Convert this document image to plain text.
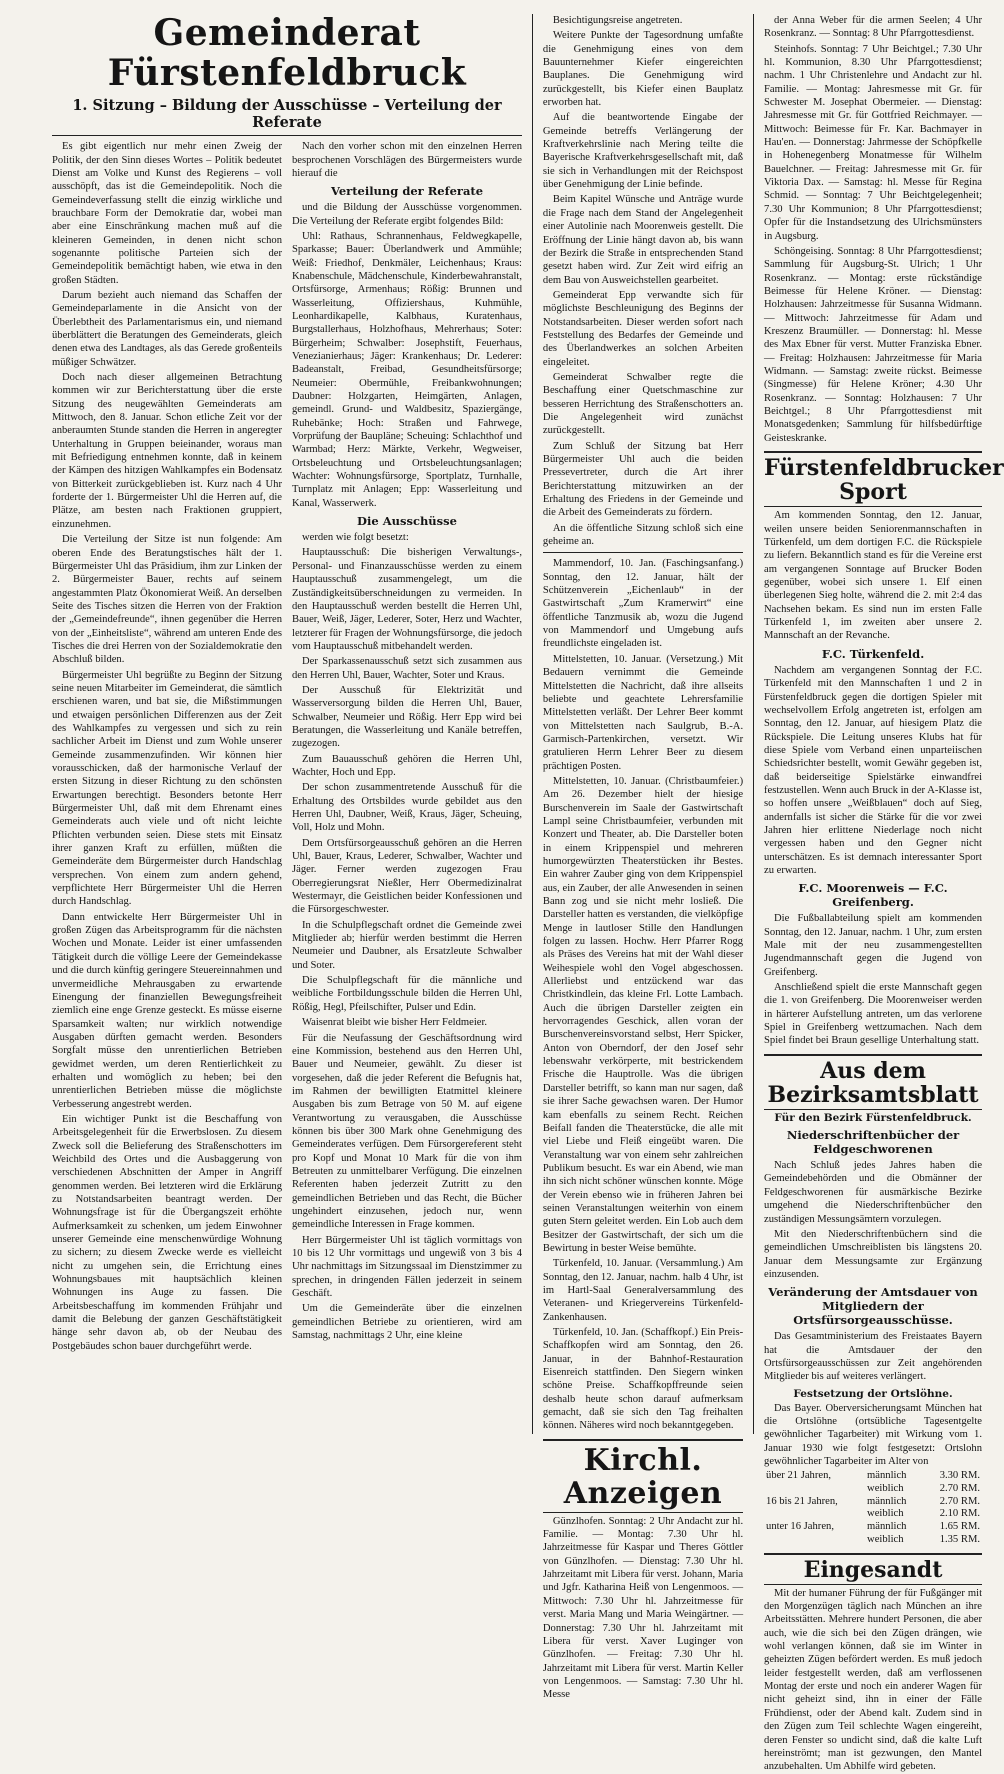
Gemeinderat Fürstenfeldbruck
1. Sitzung – Bildung der Ausschüsse – Verteilung der Referate

Es gibt eigentlich nur mehr einen Zweig der Politik, der den Sinn dieses Wortes – Politik bedeutet Dienst am Volke und Kunst des Regierens – voll ausschöpft, das ist die Gemeindepolitik. Noch die Gemeindeverfassung stellt die einzig wirkliche und brauchbare Form der Demokratie dar, wobei man aber eine Einschränkung machen muß auf die kleineren Gemeinden, in denen nicht schon sogenannte politische Parteien sich der Gemeindepolitik bemächtigt haben, wie etwa in den großen Städten.

Darum bezieht auch niemand das Schaffen der Gemeindeparlamente in die Ansicht von der Überlebtheit des Parlamentarismus ein, und niemand überblättert die Beratungen des Gemeinderats, gleich denen etwa des Landtages, als das Gerede großenteils müßiger Schwätzer.

Doch nach dieser allgemeinen Betrachtung kommen wir zur Berichterstattung über die erste Sitzung des neugewählten Gemeinderats am Mittwoch, den 8. Januar. Schon etliche Zeit vor der anberaumten Stunde standen die Herren in angeregter Unterhaltung in Gruppen beieinander, woraus man mit Befriedigung entnehmen konnte, daß in keinem der Kämpen des hitzigen Wahlkampfes ein Bodensatz von Bitterkeit zurückgeblieben ist. Kurz nach 4 Uhr forderte der 1. Bürgermeister Uhl die Herren auf, die Plätze, am besten nach Fraktionen gruppiert, einzunehmen.

Die Verteilung der Sitze ist nun folgende: Am oberen Ende des Beratungstisches hält der 1. Bürgermeister Uhl das Präsidium, ihm zur Linken der 2. Bürgermeister Bauer, rechts auf seinem angestammten Platz Ökonomierat Weiß. An derselben Seite des Tisches sitzen die Herren von der Fraktion der „Gemeindefreunde“, ihnen gegenüber die Herren von der „Einheitsliste“, während am unteren Ende des Tisches die drei Herren von der Sozialdemokratie den Abschluß bilden.

Bürgermeister Uhl begrüßte zu Beginn der Sitzung seine neuen Mitarbeiter im Gemeinderat, die sämtlich erschienen waren, und bat sie, die Mißstimmungen und etwaigen persönlichen Differenzen aus der Zeit des Wahlkampfes zu vergessen und sich zu rein sachlicher Arbeit im Dienst und zum Wohle unserer Gemeinde zusammenzufinden. Wir können hier vorausschicken, daß der harmonische Verlauf der ersten Sitzung in dieser Richtung zu den schönsten Erwartungen berechtigt. Besonders betonte Herr Bürgermeister Uhl, daß mit dem Ehrenamt eines Gemeinderats auch viele und oft nicht leichte Pflichten verbunden seien. Diese stets mit Einsatz ihrer ganzen Kraft zu erfüllen, müßten die Gemeinderäte dem Bürgermeister durch Handschlag versprechen. Von einem zum andern gehend, verpflichtete Herr Bürgermeister Uhl die Herren durch Handschlag.

Dann entwickelte Herr Bürgermeister Uhl in großen Zügen das Arbeitsprogramm für die nächsten Wochen und Monate. Leider ist einer umfassenden Tätigkeit durch die völlige Leere der Gemeindekasse und die durch künftig geringere Steuereinnahmen und unvermeidliche Mehrausgaben zu erwartende Einengung der finanziellen Bewegungsfreiheit ziemlich eine enge Grenze gesteckt. Es müsse eiserne Sparsamkeit walten; nur wirklich notwendige Ausgaben dürften gemacht werden. Besonders Sorgfalt müsse den unrentierlichen Betrieben gewidmet werden, um deren Rentierlichkeit zu erhalten und womöglich zu heben; bei den unrentierlichen Betrieben müsse die möglichste Verbesserung angestrebt werden.

Ein wichtiger Punkt ist die Beschaffung von Arbeitsgelegenheit für die Erwerbslosen. Zu diesem Zweck soll die Belieferung des Straßenschotters im Weichbild des Ortes und die Ausbaggerung von verschiedenen Abschnitten der Amper in Angriff genommen werden. Bei letzteren wird die Erklärung zu Notstandsarbeiten beantragt werden. Der Wohnungsfrage ist für die Übergangszeit erhöhte Aufmerksamkeit zu schenken, um jedem Einwohner unserer Gemeinde eine menschenwürdige Wohnung zu sichern; zu diesem Zwecke werde es vielleicht nicht zu umgehen sein, die Errichtung eines Wohnungsbaues mit hauptsächlich kleinen Wohnungen ins Auge zu fassen. Die Arbeitsbeschaffung im kommenden Frühjahr und damit die Belebung der ganzen Geschäftstätigkeit hänge sehr davon ab, ob der Neubau des Postgebäudes schon bauer durchgeführt werde.

Nach den vorher schon mit den einzelnen Herren besprochenen Vorschlägen des Bürgermeisters wurde hierauf die

Verteilung der Referate

und die Bildung der Ausschüsse vorgenommen. Die Verteilung der Referate ergibt folgendes Bild:

Uhl: Rathaus, Schrannenhaus, Feldwegkapelle, Sparkasse; Bauer: Überlandwerk und Ammühle; Weiß: Friedhof, Denkmäler, Leichenhaus; Kraus: Knabenschule, Mädchenschule, Kinderbewahranstalt, Ortsfürsorge, Armenhaus; Rößig: Brunnen und Wasserleitung, Offiziershaus, Kuhmühle, Leonhardikapelle, Kalbhaus, Kuratenhaus, Burgstallerhaus, Holzhofhaus, Mehrerhaus; Soter: Bürgerheim; Schwalber: Josephstift, Feuerhaus, Venezianierhaus; Jäger: Krankenhaus; Dr. Lederer: Badeanstalt, Freibad, Gesundheitsfürsorge; Neumeier: Obermühle, Freibankwohnungen; Daubner: Holzgarten, Heimgärten, Anlagen, gemeindl. Grund- und Waldbesitz, Spaziergänge, Ruhebänke; Hoch: Straßen und Fahrwege, Vorprüfung der Baupläne; Scheuing: Schlachthof und Warmbad; Herz: Märkte, Verkehr, Wegweiser, Ortsbeleuchtung und Ortsbeleuchtungsanlagen; Wachter: Wohnungsfürsorge, Sportplatz, Turnhalle, Turnplatz mit Anlagen; Epp: Wasserleitung und Kanal, Wasserwerk.

Die Ausschüsse

werden wie folgt besetzt:

Hauptausschuß: Die bisherigen Verwaltungs-, Personal- und Finanzausschüsse werden zu einem Hauptausschuß zusammengelegt, um die Zuständigkeitsüberschneidungen zu vermeiden. In den Hauptausschuß werden bestellt die Herren Uhl, Bauer, Weiß, Jäger, Lederer, Soter, Herz und Wachter, letzterer für Fragen der Wohnungsfürsorge, die jedoch vom Hauptausschuß mitbehandelt werden.

Der Sparkassenausschuß setzt sich zusammen aus den Herren Uhl, Bauer, Wachter, Soter und Kraus.

Der Ausschuß für Elektrizität und Wasserversorgung bilden die Herren Uhl, Bauer, Schwalber, Neumeier und Rößig. Herr Epp wird bei Beratungen, die Wasserleitung und Kanäle betreffen, zugezogen.

Zum Bauausschuß gehören die Herren Uhl, Wachter, Hoch und Epp.

Der schon zusammentretende Ausschuß für die Erhaltung des Ortsbildes wurde gebildet aus den Herren Uhl, Daubner, Weiß, Kraus, Jäger, Scheuing, Voll, Holz und Mohn.

Dem Ortsfürsorgeausschuß gehören an die Herren Uhl, Bauer, Kraus, Lederer, Schwalber, Wachter und Jäger. Ferner werden zugezogen Frau Oberregierungsrat Nießler, Herr Obermedizinalrat Westermayr, die Geistlichen beider Konfessionen und die Fürsorgeschwester.

In die Schulpflegschaft ordnet die Gemeinde zwei Mitglieder ab; hierfür werden bestimmt die Herren Neumeier und Daubner, als Ersatzleute Schwalber und Soter.

Die Schulpflegschaft für die männliche und weibliche Fortbildungsschule bilden die Herren Uhl, Rößig, Hegl, Pfeilschifter, Pulser und Edin.

Waisenrat bleibt wie bisher Herr Feldmeier.

Für die Neufassung der Geschäftsordnung wird eine Kommission, bestehend aus den Herren Uhl, Bauer und Neumeier, gewählt. Zu dieser ist vorgesehen, daß die jeder Referent die Befugnis hat, im Rahmen der bewilligten Etatmittel kleinere Ausgaben bis zum Betrage von 50 M. auf eigene Verantwortung zu verausgaben, die Ausschüsse können bis über 300 Mark ohne Genehmigung des Gemeinderates verfügen. Dem Fürsorgereferent steht pro Kopf und Monat 10 Mark für die von ihm Betreuten zu unmittelbarer Verfügung. Die einzelnen Referenten haben jederzeit Zutritt zu den gemeindlichen Betrieben und das Recht, die Bücher ungehindert einzusehen, jedoch nur, wenn gemeindliche Interessen in Frage kommen.

Herr Bürgermeister Uhl ist täglich vormittags von 10 bis 12 Uhr vormittags und ungewiß von 3 bis 4 Uhr nachmittags im Sitzungssaal im Dienstzimmer zu sprechen, in dringenden Fällen jederzeit in seinem Geschäft.

Um die Gemeinderäte über die einzelnen gemeindlichen Betriebe zu orientieren, wird am Samstag, nachmittags 2 Uhr, eine kleine

Besichtigungsreise angetreten.

Weitere Punkte der Tagesordnung umfaßte die Genehmigung eines von dem Bauunternehmer Kiefer eingereichten Bauplanes. Die Genehmigung wird zurückgestellt, bis Kiefer einen Bauplatz erworben hat.

Auf die beantwortende Eingabe der Gemeinde betreffs Verlängerung der Kraftverkehrslinie nach Mering teilte die Bayerische Kraftverkehrsgesellschaft mit, daß sie sich in Verhandlungen mit der Reichspost über Genehmigung der Linie befinde.

Beim Kapitel Wünsche und Anträge wurde die Frage nach dem Stand der Angelegenheit einer Autolinie nach Moorenweis gestellt. Die Eröffnung der Linie hängt davon ab, bis wann der Bezirk die Straße in entsprechenden Stand gesetzt haben wird. Zur Zeit wird eifrig an dem Bau von Ausweichstellen gearbeitet.

Gemeinderat Epp verwandte sich für möglichste Beschleunigung des Beginns der Notstandsarbeiten. Dieser werden sofort nach Feststellung des Bedarfes der Gemeinde und des Überlandwerkes an solchen Arbeiten eingeleitet.

Gemeinderat Schwalber regte die Beschaffung einer Quetschmaschine zur besseren Herrichtung des Straßenschotters an. Die Angelegenheit wird zunächst zurückgestellt.

Zum Schluß der Sitzung bat Herr Bürgermeister Uhl auch die beiden Pressevertreter, durch die Art ihrer Berichterstattung mitzuwirken an der Erhaltung des Friedens in der Gemeinde und die Arbeit des Gemeinderats zu fördern.

An die öffentliche Sitzung schloß sich eine geheime an.

Mammendorf, 10. Jan. (Faschingsanfang.) Sonntag, den 12. Januar, hält der Schützenverein „Eichenlaub“ in der Gastwirtschaft „Zum Kramerwirt“ eine öffentliche Tanzmusik ab, wozu die Jugend von Mammendorf und Umgebung aufs freundlichste eingeladen ist.

Mittelstetten, 10. Januar. (Versetzung.) Mit Bedauern vernimmt die Gemeinde Mittelstetten die Nachricht, daß ihre allseits beliebte und geachtete Lehrersfamilie Mittelstetten verläßt. Der Lehrer Beer kommt von Mittelstetten nach Saulgrub, B.-A. Garmisch-Partenkirchen, versetzt. Wir gratulieren Herrn Lehrer Beer zu diesem prächtigen Posten.

Mittelstetten, 10. Januar. (Christbaumfeier.) Am 26. Dezember hielt der hiesige Burschenverein im Saale der Gastwirtschaft Lampl seine Christbaumfeier, verbunden mit Konzert und Theater, ab. Die Darsteller boten in einem Krippenspiel und mehreren humorgewürzten Theaterstücken ihr Bestes. Ein wahrer Zauber ging von dem Krippenspiel aus, ein Zauber, der alle Anwesenden in seinen Bann zog und sie nicht mehr losließ. Die Darsteller hatten es verstanden, die vielköpfige Menge in lautloser Stille den Handlungen folgen zu lassen. Hochw. Herr Pfarrer Rogg als Präses des Vereins hat mit der Wahl dieser Weihespiele wohl den Vogel abgeschossen. Allerliebst und entzückend war das Christkindlein, das kleine Frl. Lotte Lambach. Auch die übrigen Darsteller zeigten ein hervorragendes Geschick, allen voran der Burschenvereinsvorstand selbst, Herr Spicker, Anton von Oberndorf, der den Josef sehr lebenswahr verkörperte, mit bestrickendem Frische die Hauptrolle. Was die übrigen Darsteller betrifft, so kann man nur sagen, daß sie ihrer Sache gewachsen waren. Der Humor kam ebenfalls zu seinem Recht. Reichen Beifall fanden die Theaterstücke, die alle mit viel Liebe und Fleiß eingeübt waren. Die Veranstaltung war von einem sehr zahlreichen Publikum besucht. Es war ein Abend, wie man ihn sich nicht schöner wünschen konnte. Möge der Verein ebenso wie in früheren Jahren bei seinen Veranstaltungen weiterhin von einem guten Stern geleitet werden. Ein Lob auch dem Besitzer der Gastwirtschaft, der sich um die Bewirtung in bester Weise bemühte.

Türkenfeld, 10. Januar. (Versammlung.) Am Sonntag, den 12. Januar, nachm. halb 4 Uhr, ist im Hartl-Saal Generalversammlung des Veteranen- und Kriegervereins Türkenfeld-Zankenhausen.

Türkenfeld, 10. Jan. (Schaffkopf.) Ein Preis-Schaffkopfen wird am Sonntag, den 26. Januar, in der Bahnhof-Restauration Eisenreich stattfinden. Den Siegern winken schöne Preise. Schaffkopffreunde seien deshalb heute schon darauf aufmerksam gemacht, daß sie sich den Tag freihalten können. Näheres wird noch bekanntgegeben.

Kirchl. Anzeigen

Günzlhofen. Sonntag: 2 Uhr Andacht zur hl. Familie. — Montag: 7.30 Uhr hl. Jahrzeitmesse für Kaspar und Theres Göttler von Günzlhofen. — Dienstag: 7.30 Uhr hl. Jahrzeitamt mit Libera für verst. Johann, Maria und Jgfr. Katharina Heiß von Lengenmoos. — Mittwoch: 7.30 Uhr hl. Jahrzeitmesse für verst. Maria Mang und Maria Weingärtner. — Donnerstag: 7.30 Uhr hl. Jahrzeitamt mit Libera für verst. Xaver Luginger von Günzlhofen. — Freitag: 7.30 Uhr hl. Jahrzeitamt mit Libera für verst. Martin Keller von Lengenmoos. — Samstag: 7.30 Uhr hl. Messe

der Anna Weber für die armen Seelen; 4 Uhr Rosenkranz. — Sonntag: 8 Uhr Pfarrgottesdienst.

Steinhofs. Sonntag: 7 Uhr Beichtgel.; 7.30 Uhr hl. Kommunion, 8.30 Uhr Pfarrgottesdienst; nachm. 1 Uhr Christenlehre und Andacht zur hl. Familie. — Montag: Jahresmesse mit Gr. für Schwester M. Josephat Obermeier. — Dienstag: Jahresmesse mit Gr. für Gottfried Reichmayer. — Mittwoch: Beimesse für Fr. Kar. Bachmayer in Hau'en. — Donnerstag: Jahrmesse der Schöpfkelle in Hohenegenberg Monatmesse für Wilhelm Bauelchner. — Freitag: Jahresmesse mit Gr. für Viktoria Dax. — Samstag: hl. Messe für Regina Schmid. — Sonntag: 7 Uhr Beichtgelegenheit; 7.30 Uhr Kommunion; 8 Uhr Pfarrgottesdienst; Opfer für die Instandsetzung des Ulrichsmünsters in Augsburg.

Schöngeising. Sonntag: 8 Uhr Pfarrgottesdienst; Sammlung für Augsburg-St. Ulrich; 1 Uhr Rosenkranz. — Montag: erste rückständige Beimesse für Helene Kröner. — Dienstag: Holzhausen: Jahrzeitmesse für Susanna Widmann. — Mittwoch: Jahrzeitmesse für Adam und Kreszenz Braumüller. — Donnerstag: hl. Messe des Max Ebner für verst. Mutter Franziska Ebner. — Freitag: Holzhausen: Jahrzeitmesse für Maria Widmann. — Samstag: zweite rückst. Beimesse (Singmesse) für Helene Kröner; 4.30 Uhr Rosenkranz. — Sonntag: Holzhausen: 7 Uhr Beichtgel.; 8 Uhr Pfarrgottesdienst mit Monatsgedenken; Sammlung für hilfsbedürftige Geisteskranke.

Fürstenfeldbrucker Sport

Am kommenden Sonntag, den 12. Januar, weilen unsere beiden Seniorenmannschaften in Türkenfeld, um dem dortigen F.C. die Rückspiele zu liefern. Bekanntlich stand es für die Vereine erst am vergangenen Sonntage auf Brucker Boden gegenüber, wobei sich unsere 1. Elf einen überlegenen Sieg holte, während die 2. mit 2:4 das Nachsehen bekam. Es sind nun im ersten Falle Türkenfeld 1, im zweiten aber unsere 2. Mannschaft an der Revanche.

F.C. Türkenfeld.

Nachdem am vergangenen Sonntag der F.C. Türkenfeld mit den Mannschaften 1 und 2 in Fürstenfeldbruck gegen die dortigen Spieler mit wechselvollem Erfolg angetreten ist, erfolgen am Sonntag, den 12. Januar, auf hiesigem Platz die Rückspiele. Die Leitung unseres Klubs hat für diese Spiele vom Verband einen unparteiischen Schiedsrichter bestellt, womit Gewähr gegeben ist, daß beiderseitige Spielstärke einwandfrei festzustellen. Wenn auch Bruck in der A-Klasse ist, so hoffen unsere „Weißblauen“ doch auf Sieg, andernfalls ist sicher die Stärke für die vor zwei Jahren hier erlittene Niederlage noch nicht vergessen haben und den Gegner nicht unterschätzen. Es ist demnach interessanter Sport zu erwarten.

F.C. Moorenweis — F.C. Greifenberg.

Die Fußballabteilung spielt am kommenden Sonntag, den 12. Januar, nachm. 1 Uhr, zum ersten Male mit der neu zusammengestellten Jugendmannschaft gegen die Jugend von Greifenberg.

Anschließend spielt die erste Mannschaft gegen die 1. von Greifenberg. Die Moorenweiser werden in härterer Aufstellung antreten, um das verlorene Spiel in Greifenberg wettzumachen. Nach dem Spiel findet bei Braun gesellige Unterhaltung statt.

Aus dem Bezirksamtsblatt
Für den Bezirk Fürstenfeldbruck.
Niederschriftenbücher der Feldgeschworenen

Nach Schluß jedes Jahres haben die Gemeindebehörden und die Obmänner der Feldgeschworenen für ausmärkische Bezirke umgehend die Niederschriftenbücher den zuständigen Messungsämtern vorzulegen.

Mit den Niederschriftenbüchern sind die gemeindlichen Umschreiblisten bis längstens 20. Januar dem Messungsamte zur Ergänzung einzusenden.

Veränderung der Amtsdauer von Mitgliedern der Ortsfürsorgeausschüsse.

Das Gesamtministerium des Freistaates Bayern hat die Amtsdauer der den Ortsfürsorgeausschüssen zur Zeit angehörenden Mitglieder bis auf weiteres verlängert.

Festsetzung der Ortslöhne.

Das Bayer. Oberversicherungsamt München hat die Ortslöhne (ortsübliche Tagesentgelte gewöhnlicher Tagarbeiter) mit Wirkung vom 1. Januar 1930 wie folgt festgesetzt: Ortslohn gewöhnlicher Tagarbeiter im Alter von

über 21 Jahren,	männlich	3.30 RM.
	weiblich	2.70 RM.
16 bis 21 Jahren,	männlich	2.70 RM.
	weiblich	2.10 RM.
unter 16 Jahren,	männlich	1.65 RM.
	weiblich	1.35 RM.
Eingesandt

Mit der humaner Führung der für Fußgänger mit den Morgenzügen täglich nach München an ihre Arbeitsstätten. Mehrere hundert Personen, die aber auch, wie die sich bei den Zügen drängen, wie wohl verlangen können, daß sie im Winter in geheizten Zügen befördert werden. Es muß jedoch leider festgestellt werden, daß am verflossenen Montag der erste und noch ein anderer Wagen für nicht geheizt sind, ihn in einer der Fälle Frühdienst, oder der Abend kalt. Zudem sind in den Zügen zum Teil schlechte Wagen eingereiht, deren Fenster so undicht sind, daß die kalte Luft hereinströmt; man ist gezwungen, den Mantel anzubehalten. Um Abhilfe wird gebeten.
